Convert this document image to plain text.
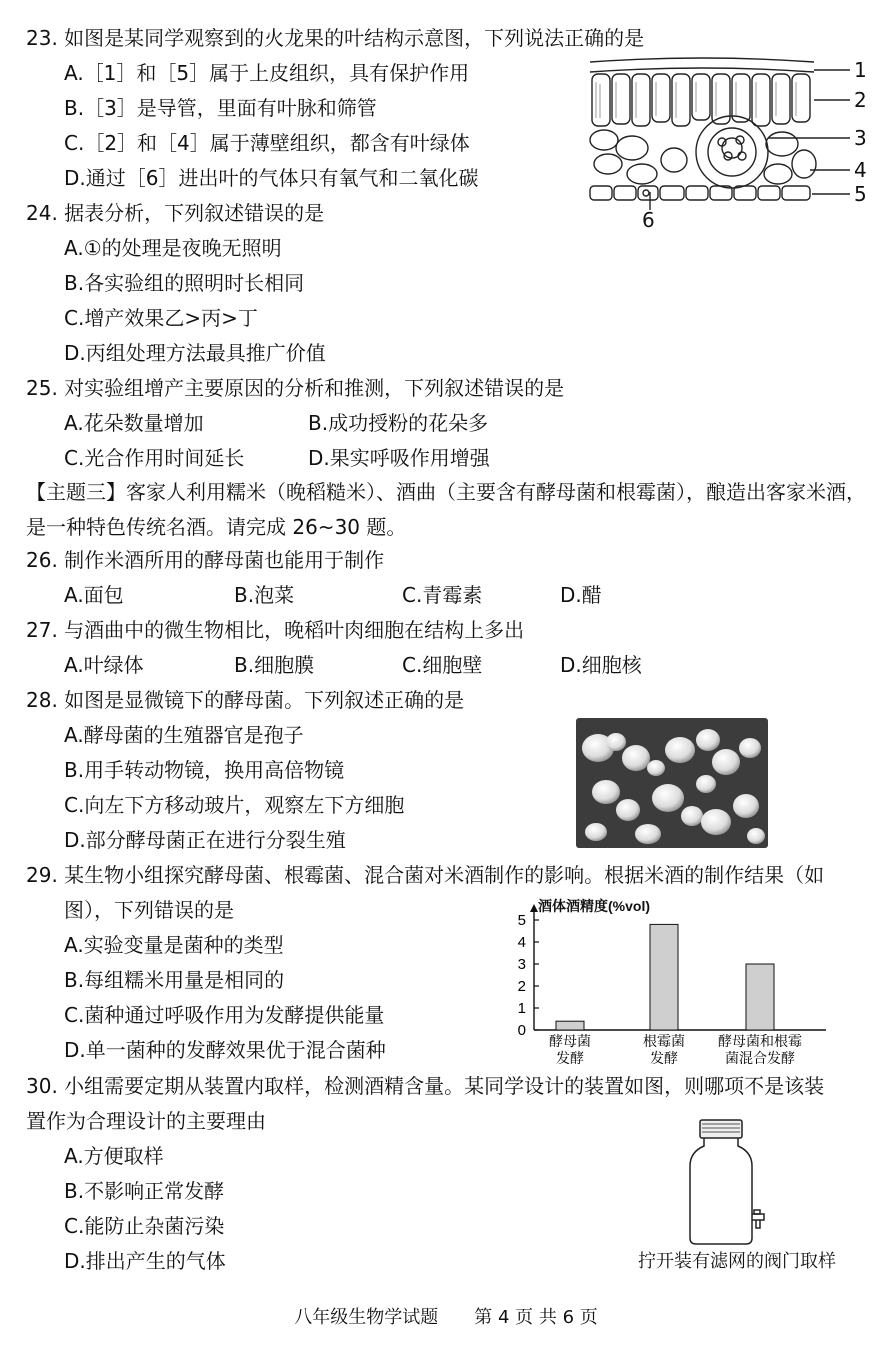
23. 如图是某同学观察到的火龙果的叶结构示意图，下列说法正确的是
A.［1］和［5］属于上皮组织，具有保护作用
B.［3］是导管，里面有叶脉和筛管
C.［2］和［4］属于薄壁组织，都含有叶绿体
D.通过［6］进出叶的气体只有氧气和二氧化碳
1
2
3
4
5
6
24. 据表分析，下列叙述错误的是
A.①的处理是夜晚无照明
B.各实验组的照明时长相同
C.增产效果乙>丙>丁
D.丙组处理方法最具推广价值
25. 对实验组增产主要原因的分析和推测，下列叙述错误的是
A.花朵数量增加	B.成功授粉的花朵多
C.光合作用时间延长	D.果实呼吸作用增强
【主题三】客家人利用糯米（晚稻糙米）、酒曲（主要含有酵母菌和根霉菌），酿造出客家米酒，是一种特色传统名酒。请完成 26~30 题。
26. 制作米酒所用的酵母菌也能用于制作
A.面包	B.泡菜	C.青霉素	D.醋
27. 与酒曲中的微生物相比，晚稻叶肉细胞在结构上多出
A.叶绿体	B.细胞膜	C.细胞壁	D.细胞核
28. 如图是显微镜下的酵母菌。下列叙述正确的是
A.酵母菌的生殖器官是孢子
B.用手转动物镜，换用高倍物镜
C.向左下方移动玻片，观察左下方细胞
D.部分酵母菌正在进行分裂生殖
29. 某生物小组探究酵母菌、根霉菌、混合菌对米酒制作的影响。根据米酒的制作结果（如
图），下列错误的是
A.实验变量是菌种的类型
B.每组糯米用量是相同的
C.菌种通过呼吸作用为发酵提供能量
D.单一菌种的发酵效果优于混合菌种
酒体酒精度(%vol)
0
1
2
3
4
5
酵母菌
发酵
根霉菌
发酵
酵母菌和根霉
菌混合发酵
30. 小组需要定期从装置内取样，检测酒精含量。某同学设计的装置如图，则哪项不是该装
置作为合理设计的主要理由
A.方便取样
B.不影响正常发酵
C.能防止杂菌污染
D.排出产生的气体	拧开装有滤网的阀门取样
八年级生物学试题　　第 4 页 共 6 页
